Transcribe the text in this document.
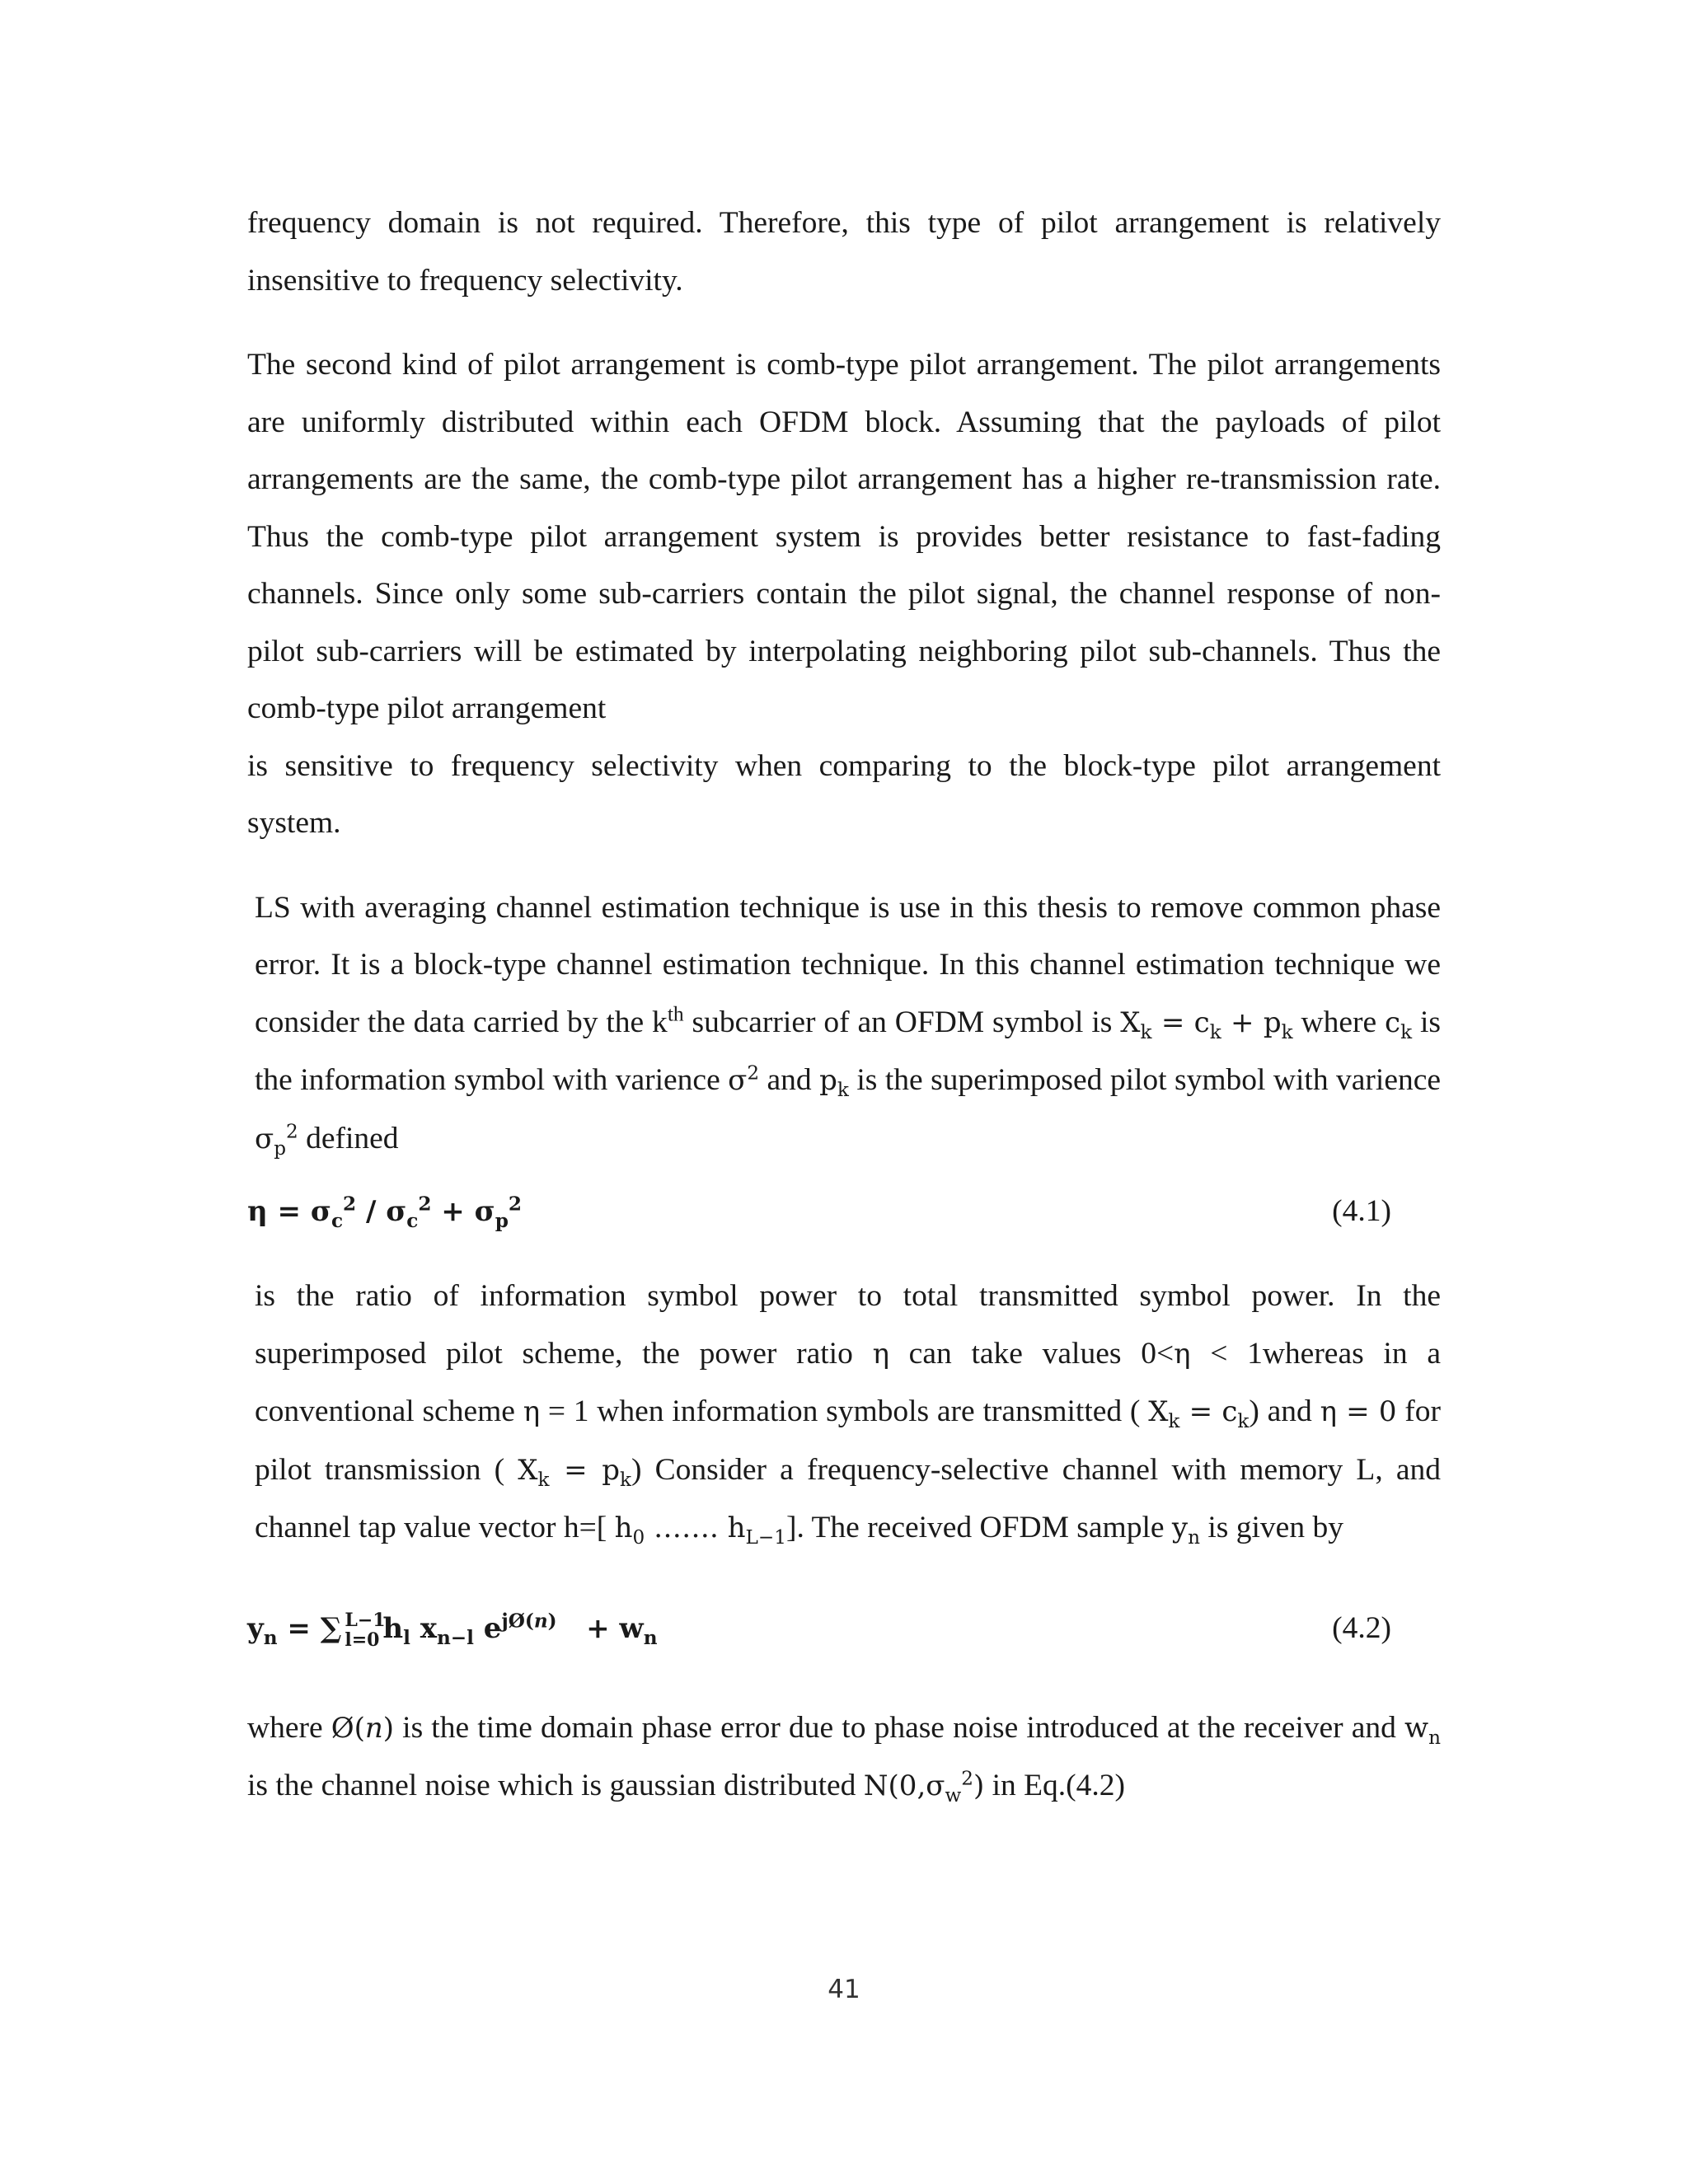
frequency domain is not required. Therefore, this type of pilot arrangement is relatively insensitive to frequency selectivity.

The second kind of pilot arrangement is comb-type pilot arrangement. The pilot arrangements are uniformly distributed within each OFDM block. Assuming that the payloads of pilot arrangements are the same, the comb-type pilot arrangement has a higher re-transmission rate. Thus the comb-type pilot arrangement system is provides better resistance to fast-fading channels. Since only some sub-carriers contain the pilot signal, the channel response of non-pilot sub-carriers will be estimated by interpolating neighboring pilot sub-channels. Thus the comb-type pilot arrangement
is sensitive to frequency selectivity when comparing to the block-type pilot arrangement system.

LS with averaging channel estimation technique is use in this thesis to remove common phase error. It is a block-type channel estimation technique. In this channel estimation technique we consider the data carried by the $k^{th}$ subcarrier of an OFDM symbol is $X_k = c_k + p_k$ where $c_k$ is the information symbol with varience $\sigma^2$ and $p_k$ is the superimposed pilot symbol with varience $\sigma_p^2$ defined

$\eta = \sigma_c^2 / \sigma_c^2 + \sigma_p^2$	(4.1)

is the ratio of information symbol power to total transmitted symbol power. In the superimposed pilot scheme, the power ratio η can take values 0<η < 1whereas in a conventional scheme η = 1 when information symbols are transmitted ( $X_k = c_k$) and η = 0 for pilot transmission ( $X_k = p_k$) Consider a frequency-selective channel with memory L, and channel tap value vector h=[ $h_0$ ……. $h_{L-1}$]. The received OFDM sample $y_n$ is given by

$y_n$ = ∑ L−1
l=0 $h_l$ $x_{n-l}$ $e^{jØ(n)} + w_n$	(4.2)

where Ø(n) is the time domain phase error due to phase noise introduced at the receiver and $w_n$ is the channel noise which is gaussian distributed $N(0,\sigma_w^2)$ in Eq.(4.2)

41
